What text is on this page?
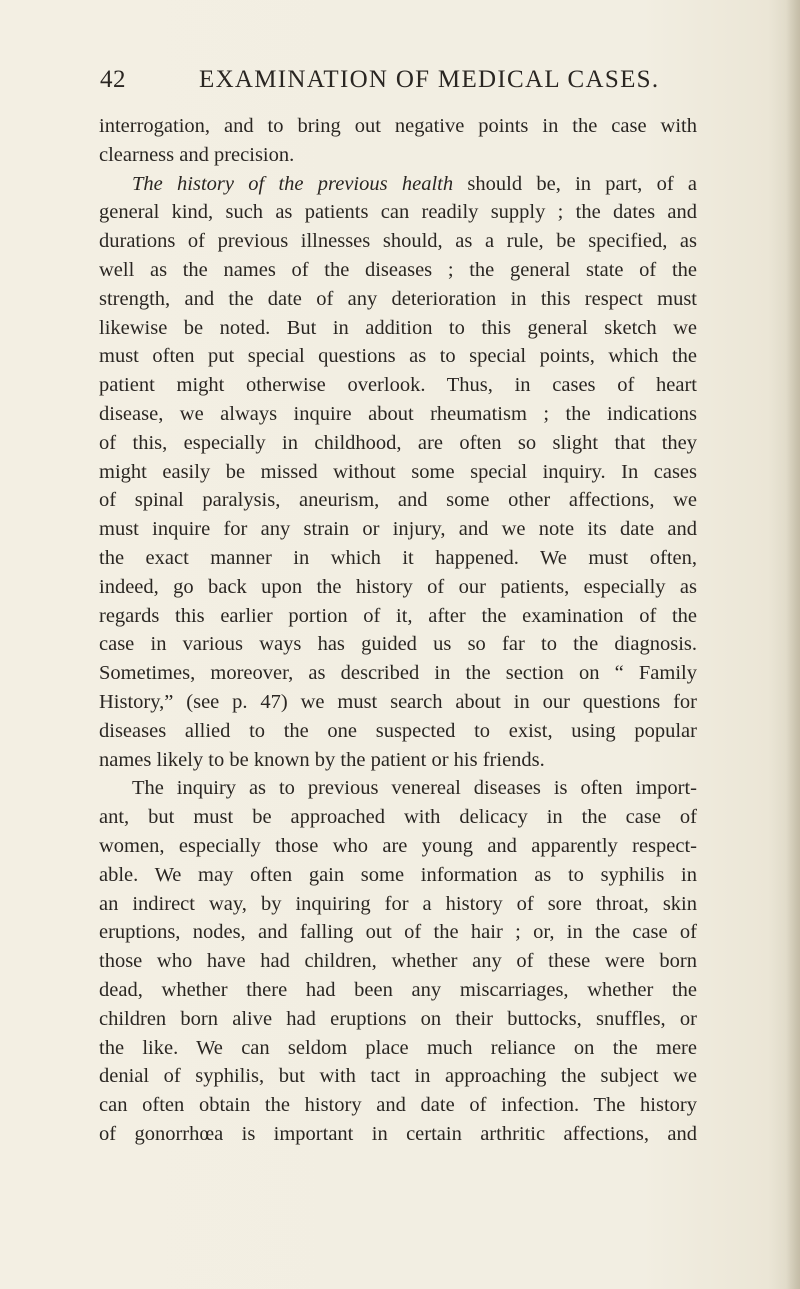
42	EXAMINATION OF MEDICAL CASES.
interrogation, and to bring out negative points in the case with
clearness and precision.
The history of the previous health should be, in part, of a
general kind, such as patients can readily supply ; the dates and
durations of previous illnesses should, as a rule, be specified, as
well as the names of the diseases ; the general state of the
strength, and the date of any deterioration in this respect must
likewise be noted. But in addition to this general sketch we
must often put special questions as to special points, which the
patient might otherwise overlook. Thus, in cases of heart
disease, we always inquire about rheumatism ; the indications
of this, especially in childhood, are often so slight that they
might easily be missed without some special inquiry. In cases
of spinal paralysis, aneurism, and some other affections, we
must inquire for any strain or injury, and we note its date and
the exact manner in which it happened. We must often,
indeed, go back upon the history of our patients, especially as
regards this earlier portion of it, after the examination of the
case in various ways has guided us so far to the diagnosis.
Sometimes, moreover, as described in the section on “ Family
History,” (see p. 47) we must search about in our questions for
diseases allied to the one suspected to exist, using popular
names likely to be known by the patient or his friends.
The inquiry as to previous venereal diseases is often import-
ant, but must be approached with delicacy in the case of
women, especially those who are young and apparently respect-
able. We may often gain some information as to syphilis in
an indirect way, by inquiring for a history of sore throat, skin
eruptions, nodes, and falling out of the hair ; or, in the case of
those who have had children, whether any of these were born
dead, whether there had been any miscarriages, whether the
children born alive had eruptions on their buttocks, snuffles, or
the like. We can seldom place much reliance on the mere
denial of syphilis, but with tact in approaching the subject we
can often obtain the history and date of infection. The history
of gonorrhœa is important in certain arthritic affections, and
